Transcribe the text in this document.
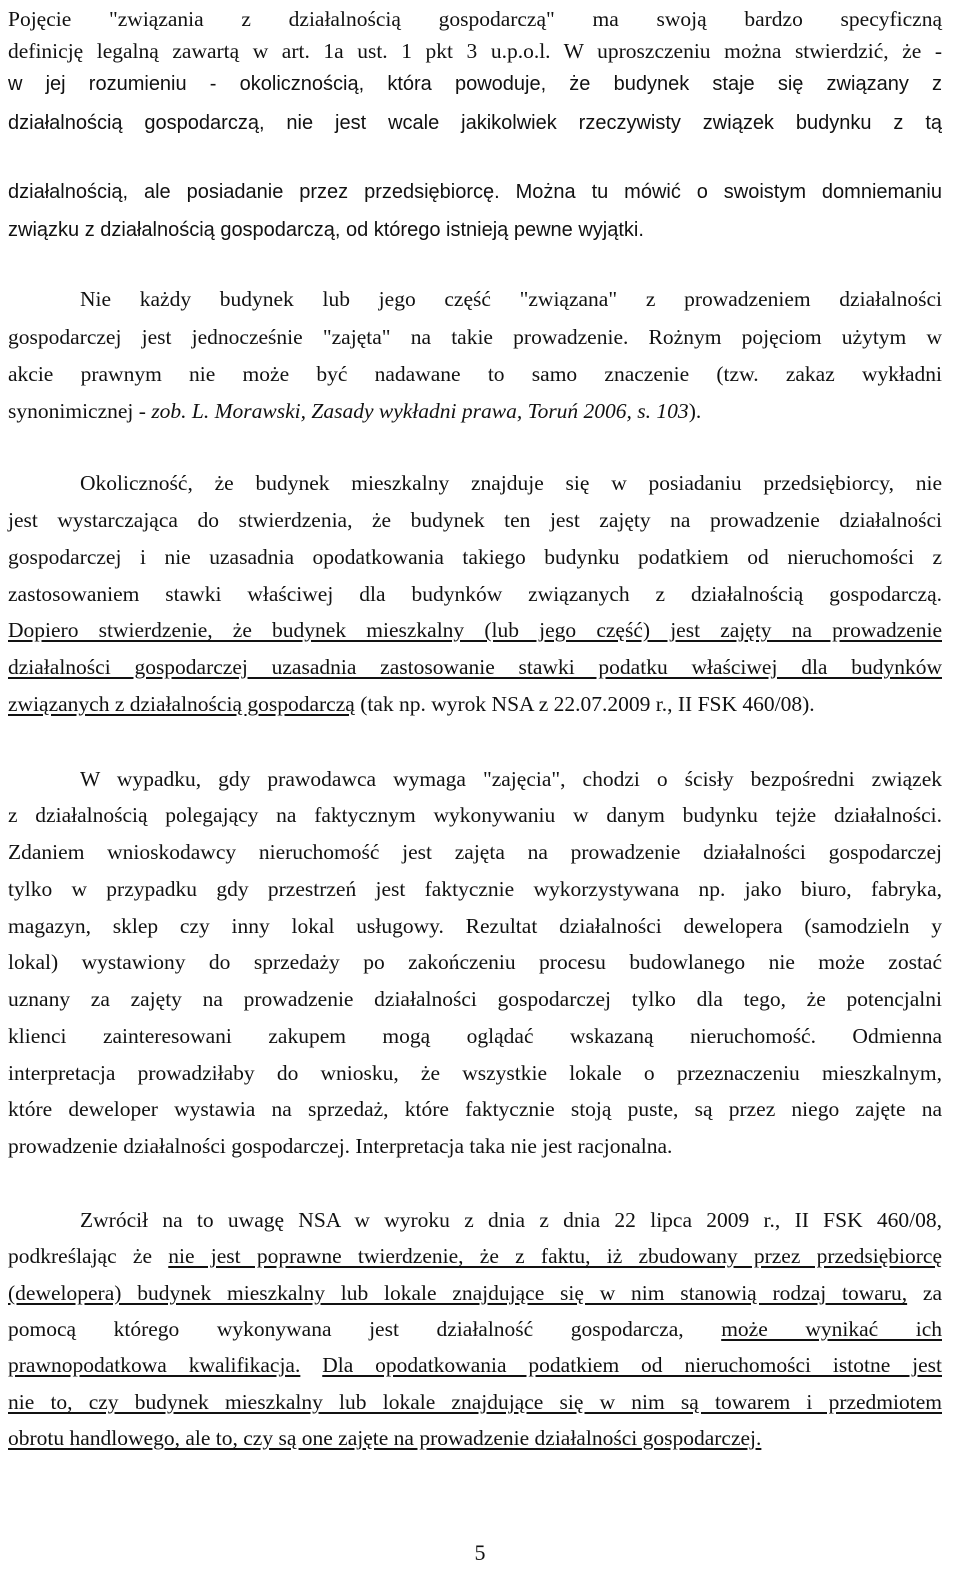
Pojęcie "związania z działalnością gospodarczą" ma swoją bardzo specyficzną
definicję legalną zawartą w art. 1a ust. 1 pkt 3 u.p.o.l. W uproszczeniu można stwierdzić, że -
w jej rozumieniu - okolicznością, która powoduje, że budynek staje się związany z
działalnością gospodarczą, nie jest wcale jakikolwiek rzeczywisty związek budynku z tą
działalnością, ale posiadanie przez przedsiębiorcę. Można tu mówić o swoistym domniemaniu
związku z działalnością gospodarczą, od którego istnieją pewne wyjątki.
Nie każdy budynek lub jego część "związana" z prowadzeniem działalności
gospodarczej jest jednocześnie "zajęta" na takie prowadzenie. Rożnym pojęciom użytym w
akcie prawnym nie może być nadawane to samo znaczenie (tzw. zakaz wykładni
synonimicznej - zob. L. Morawski, Zasady wykładni prawa, Toruń 2006, s. 103).
Okoliczność, że budynek mieszkalny znajduje się w posiadaniu przedsiębiorcy, nie
jest wystarczająca do stwierdzenia, że budynek ten jest zajęty na prowadzenie działalności
gospodarczej i nie uzasadnia opodatkowania takiego budynku podatkiem od nieruchomości z
zastosowaniem stawki właściwej dla budynków związanych z działalnością gospodarczą.
Dopiero stwierdzenie, że budynek mieszkalny (lub jego część) jest zajęty na prowadzenie
działalności gospodarczej uzasadnia zastosowanie stawki podatku właściwej dla budynków
związanych z działalnością gospodarczą (tak np. wyrok NSA z 22.07.2009 r., II FSK 460/08).
W wypadku, gdy prawodawca wymaga "zajęcia", chodzi o ścisły bezpośredni związek
z działalnością polegający na faktycznym wykonywaniu w danym budynku tejże działalności.
Zdaniem wnioskodawcy nieruchomość jest zajęta na prowadzenie działalności gospodarczej
tylko w przypadku gdy przestrzeń jest faktycznie wykorzystywana np. jako biuro, fabryka,
magazyn, sklep czy inny lokal usługowy. Rezultat działalności dewelopera (samodzieln y
lokal) wystawiony do sprzedaży po zakończeniu procesu budowlanego nie może zostać
uznany za zajęty na prowadzenie działalności gospodarczej tylko dla tego, że potencjalni
klienci zainteresowani zakupem mogą oglądać wskazaną nieruchomość. Odmienna
interpretacja prowadziłaby do wniosku, że wszystkie lokale o przeznaczeniu mieszkalnym,
które deweloper wystawia na sprzedaż, które faktycznie stoją puste, są przez niego zajęte na
prowadzenie działalności gospodarczej. Interpretacja taka nie jest racjonalna.
Zwrócił na to uwagę NSA w wyroku z dnia z dnia 22 lipca 2009 r., II FSK 460/08,
podkreślając że nie jest poprawne twierdzenie, że z faktu, iż zbudowany przez przedsiębiorcę
(dewelopera) budynek mieszkalny lub lokale znajdujące się w nim stanowią rodzaj towaru, za
pomocą którego wykonywana jest działalność gospodarcza, może wynikać ich
prawnopodatkowa kwalifikacja. Dla opodatkowania podatkiem od nieruchomości istotne jest
nie to, czy budynek mieszkalny lub lokale znajdujące się w nim są towarem i przedmiotem
obrotu handlowego, ale to, czy są one zajęte na prowadzenie działalności gospodarczej.
5
